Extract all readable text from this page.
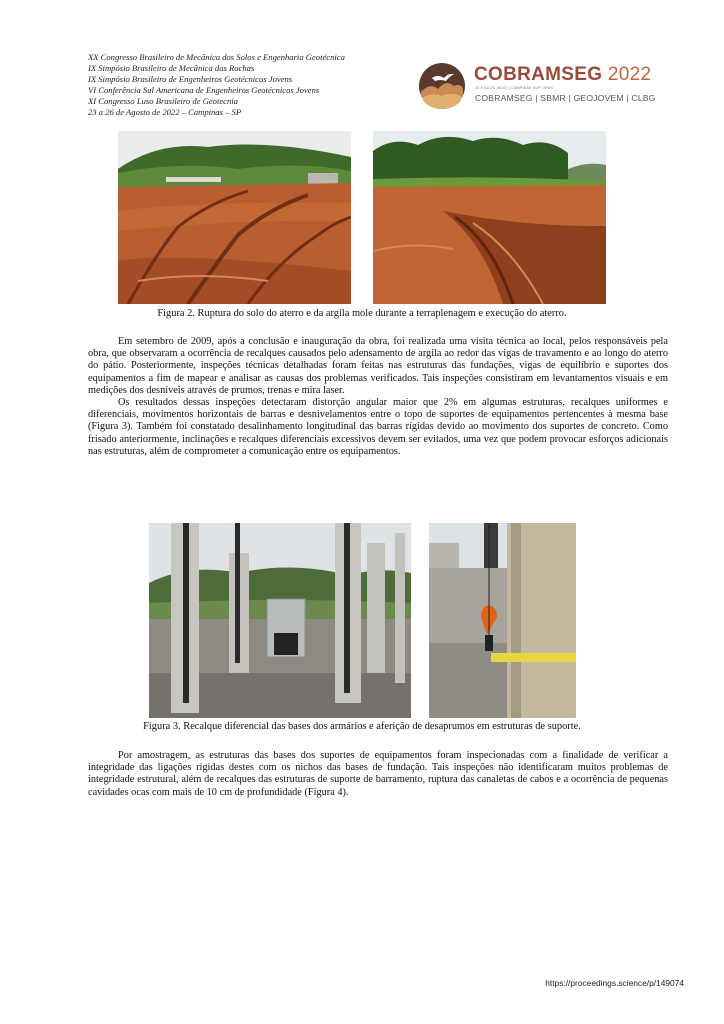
XX Congresso Brasileiro de Mecânica dos Solos e Engenharia Geotécnica
IX Simpósio Brasileiro de Mecânica das Rochas
IX Simpósio Brasileiro de Engenheiros Geotécnicos Jovens
VI Conferência Sul Americana de Engenheiros Geotécnicos Jovens
XI Congresso Luso Brasileiro de Geotecnia
23 a 26 de Agosto de 2022 – Campinas – SP
COBRAMSEG 2022
20 E AGOS (ACO) | CAMPINAS SUP ORAS
COBRAMSEG | SBMR | GEOJOVEM | CLBG
Figura 2. Ruptura do solo do aterro e da argila mole durante a terraplenagem e execução do aterro.

Em setembro de 2009, após a conclusão e inauguração da obra, foi realizada uma visita técnica ao local, pelos responsáveis pela obra, que observaram a ocorrência de recalques causados pelo adensamento de argila ao redor das vigas de travamento e ao longo do aterro do pátio. Posteriormente, inspeções técnicas detalhadas foram feitas nas estruturas das fundações, vigas de equilíbrio e suportes dos equipamentos a fim de mapear e analisar as causas dos problemas verificados. Tais inspeções consistiram em levantamentos visuais e em medições dos desníveis através de prumos, trenas e mira laser.

Os resultados dessas inspeções detectaram distorção angular maior que 2% em algumas estruturas, recalques uniformes e diferenciais, movimentos horizontais de barras e desnivelamentos entre o topo de suportes de equipamentos pertencentes à mesma base (Figura 3). Também foi constatado desalinhamento longitudinal das barras rígidas devido ao movimento dos suportes de concreto. Como frisado anteriormente, inclinações e recalques diferenciais excessivos devem ser evitados, uma vez que podem provocar esforços adicionais nas estruturas, além de comprometer a comunicação entre os equipamentos.

Figura 3. Recalque diferencial das bases dos armários e aferição de desaprumos em estruturas de suporte.

Por amostragem, as estruturas das bases dos suportes de equipamentos foram inspecionadas com a finalidade de verificar a integridade das ligações rígidas destes com os nichos das bases de fundação. Tais inspeções não identificaram muitos problemas de integridade estrutural, além de recalques das estruturas de suporte de barramento, ruptura das canaletas de cabos e a ocorrência de pequenas cavidades ocas com mais de 10 cm de profundidade (Figura 4).

https://proceedings.science/p/149074
